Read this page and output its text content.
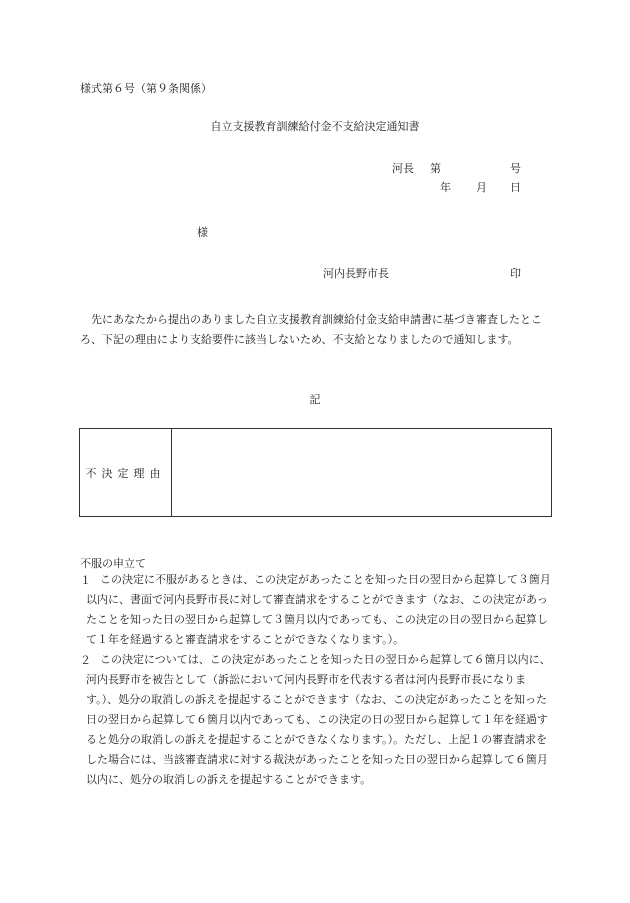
様式第６号（第９条関係）
自立支援教育訓練給付金不支給決定通知書
河長 第	号
年 月 日
様
河内長野市長	印
先にあなたから提出のありました自立支援教育訓練給付金支給申請書に基づき審査したところ、下記の理由により支給要件に該当しないため、不支給となりましたので通知します。
記
不決定理由
不服の申立て
１ この決定に不服があるときは、この決定があったことを知った日の翌日から起算して３箇月以内に、書面で河内長野市長に対して審査請求をすることができます（なお、この決定があったことを知った日の翌日から起算して３箇月以内であっても、この決定の日の翌日から起算して１年を経過すると審査請求をすることができなくなります。）。
２ この決定については、この決定があったことを知った日の翌日から起算して６箇月以内に、河内長野市を被告として（訴訟において河内長野市を代表する者は河内長野市長になります。）、処分の取消しの訴えを提起することができます（なお、この決定があったことを知った日の翌日から起算して６箇月以内であっても、この決定の日の翌日から起算して１年を経過すると処分の取消しの訴えを提起することができなくなります。）。ただし、上記１の審査請求をした場合には、当該審査請求に対する裁決があったことを知った日の翌日から起算して６箇月以内に、処分の取消しの訴えを提起することができます。
